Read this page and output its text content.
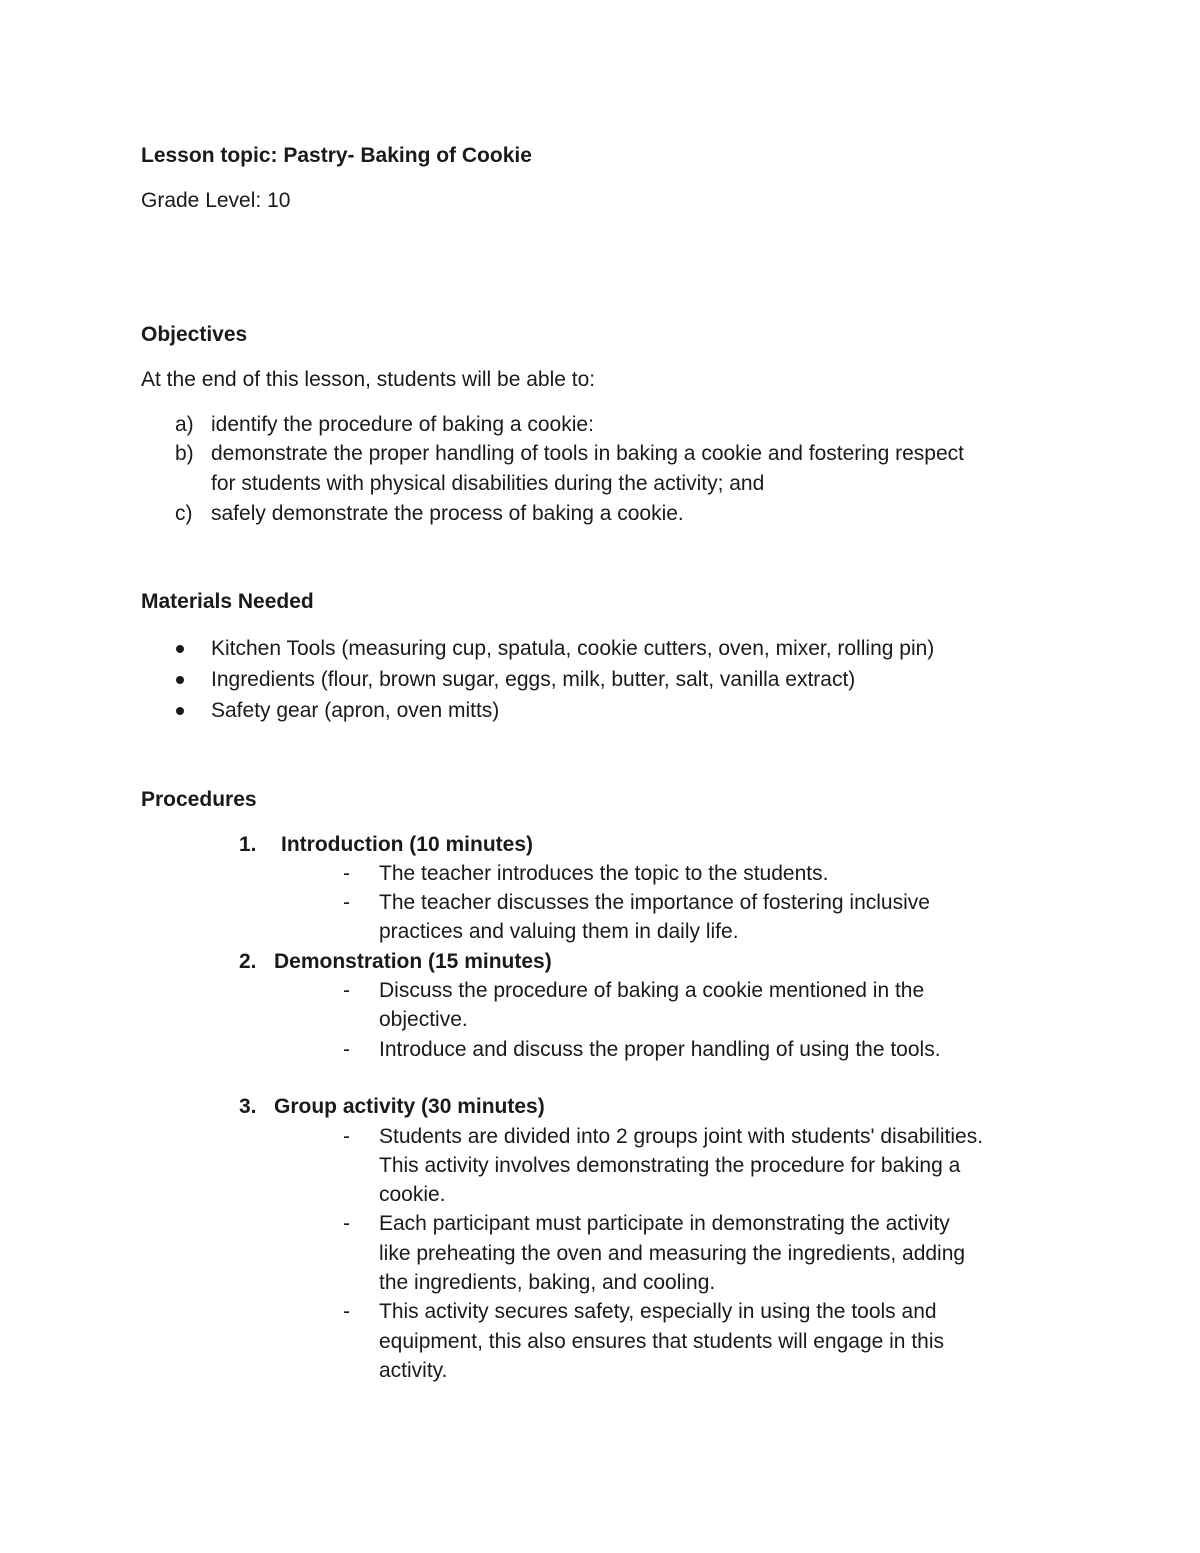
Lesson topic: Pastry- Baking of Cookie
Grade Level: 10
Objectives
At the end of this lesson, students will be able to:
a) identify the procedure of baking a cookie:
b) demonstrate the proper handling of tools in baking a cookie and fostering respect
for students with physical disabilities during the activity; and
c) safely demonstrate the process of baking a cookie.
Materials Needed
Kitchen Tools (measuring cup, spatula, cookie cutters, oven, mixer, rolling pin)
Ingredients (flour, brown sugar, eggs, milk, butter, salt, vanilla extract)
Safety gear (apron, oven mitts)
Procedures
1. Introduction (10 minutes)
- The teacher introduces the topic to the students.
- The teacher discusses the importance of fostering inclusive
practices and valuing them in daily life.
2. Demonstration (15 minutes)
- Discuss the procedure of baking a cookie mentioned in the
objective.
- Introduce and discuss the proper handling of using the tools.
3. Group activity (30 minutes)
- Students are divided into 2 groups joint with students' disabilities.
This activity involves demonstrating the procedure for baking a
cookie.
- Each participant must participate in demonstrating the activity
like preheating the oven and measuring the ingredients, adding
the ingredients, baking, and cooling.
- This activity secures safety, especially in using the tools and
equipment, this also ensures that students will engage in this
activity.
